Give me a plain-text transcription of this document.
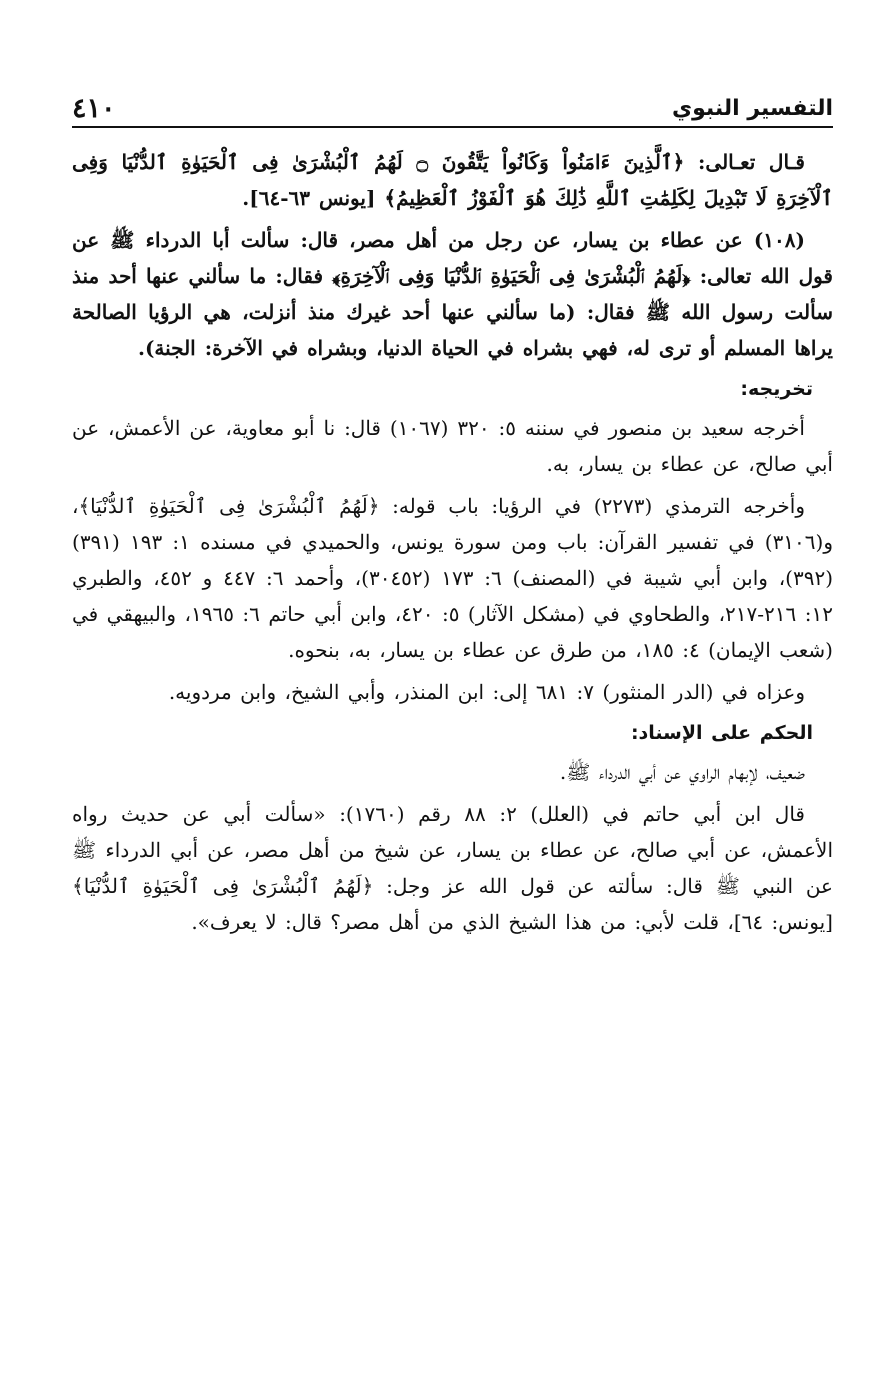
التفسير النبوي
٤١٠

قـال تعـالى: ﴿ٱلَّذِينَ ءَامَنُواْ وَكَانُواْ يَتَّقُونَ ۝ لَهُمُ ٱلْبُشْرَىٰ فِى ٱلْحَيَوٰةِ ٱلدُّنْيَا وَفِى ٱلْآخِرَةِ لَا تَبْدِيلَ لِكَلِمَٰتِ ٱللَّهِ ذَٰلِكَ هُوَ ٱلْفَوْزُ ٱلْعَظِيمُ﴾ [يونس ٦٣-٦٤].

(١٠٨) عن عطاء بن يسار، عن رجل من أهل مصر، قال: سألت أبا الدرداء ﷺ عن قول الله تعالى: ﴿لَهُمُ ٱلْبُشْرَىٰ فِى ٱلْحَيَوٰةِ ٱلدُّنْيَا وَفِى ٱلْآخِرَةِ﴾ فقال: ما سألني عنها أحد منذ سألت رسول الله ﷺ فقال: (ما سألني عنها أحد غيرك منذ أنزلت، هي الرؤيا الصالحة يراها المسلم أو ترى له، فهي بشراه في الحياة الدنيا، وبشراه في الآخرة: الجنة).

تخريجه:

أخرجه سعيد بن منصور في سننه ٥: ٣٢٠ (١٠٦٧) قال: نا أبو معاوية، عن الأعمش، عن أبي صالح، عن عطاء بن يسار، به.

وأخرجه الترمذي (٢٢٧٣) في الرؤيا: باب قوله: ﴿لَهُمُ ٱلْبُشْرَىٰ فِى ٱلْحَيَوٰةِ ٱلدُّنْيَا﴾، و(٣١٠٦) في تفسير القرآن: باب ومن سورة يونس، والحميدي في مسنده ١: ١٩٣ (٣٩١) (٣٩٢)، وابن أبي شيبة في (المصنف) ٦: ١٧٣ (٣٠٤٥٢)، وأحمد ٦: ٤٤٧ و ٤٥٢، والطبري ١٢: ٢١٦-٢١٧، والطحاوي في (مشكل الآثار) ٥: ٤٢٠، وابن أبي حاتم ٦: ١٩٦٥، والبيهقي في (شعب الإيمان) ٤: ١٨٥، من طرق عن عطاء بن يسار، به، بنحوه.

وعزاه في (الدر المنثور) ٧: ٦٨١ إلى: ابن المنذر، وأبي الشيخ، وابن مردويه.

الحكم على الإسناد:

ضعيف، لإبهام الراوي عن أبي الدرداء ﷺ.

قال ابن أبي حاتم في (العلل) ٢: ٨٨ رقم (١٧٦٠): «سألت أبي عن حديث رواه الأعمش، عن أبي صالح، عن عطاء بن يسار، عن شيخ من أهل مصر، عن أبي الدرداء ﷺ عن النبي ﷺ قال: سألته عن قول الله عز وجل: ﴿لَهُمُ ٱلْبُشْرَىٰ فِى ٱلْحَيَوٰةِ ٱلدُّنْيَا﴾ [يونس: ٦٤]، قلت لأبي: من هذا الشيخ الذي من أهل مصر؟ قال: لا يعرف».
